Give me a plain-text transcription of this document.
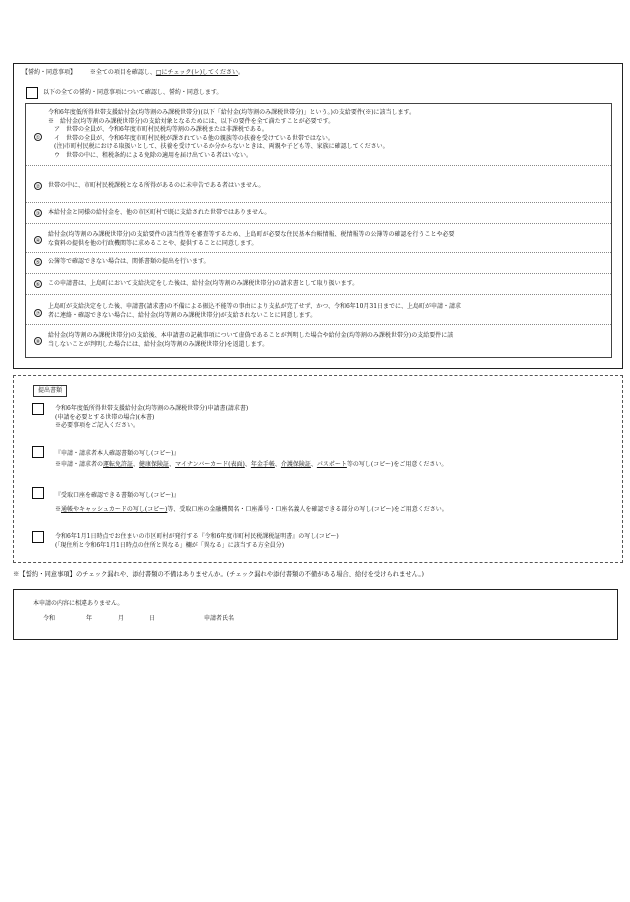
【誓約・同意事項】 ※全ての項目を確認し、□にチェック(レ)してください。
以下の全ての誓約・同意事項について確認し、誓約・同意します。
①
令和6年度低所得世帯支援給付金(均等割のみ課税世帯分)(以下「給付金(均等割のみ課税世帯分)」という。)の支給要件(※)に該当します。
※　給付金(均等割のみ課税世帯分)の支給対象となるためには、以下の要件を全て満たすことが必要です。
　ア　世帯の全員が、令和6年度市町村民税均等割のみ課税または非課税である。
　イ　世帯の全員が、令和6年度市町村民税が課されている他の親族等の扶養を受けている世帯ではない。
　(注)市町村民税における取扱いとして、扶養を受けているか分からないときは、両親や子ども等、家族に確認してください。
　ウ　世帯の中に、租税条約による免除の適用を届け出ている者はいない。
② 世帯の中に、市町村民税課税となる所得があるのに未申告である者はいません。
③ 本給付金と同様の給付金を、他の市区町村で既に支給された世帯ではありません。
④
給付金(均等割のみ課税世帯分)の支給要件の該当性等を審査等するため、上島町が必要な住民基本台帳情報、税情報等の公簿等の確認を行うことや必要
な資料の提供を他の行政機関等に求めることや、提供することに同意します。
⑤ 公簿等で確認できない場合は、関係書類の提出を行います。
⑥ この申請書は、上島町において支給決定をした後は、給付金(均等割のみ課税世帯分)の請求書として取り扱います。
⑦
上島町が支給決定をした後、申請書(請求書)の不備による振込不能等の事由により支払が完了せず、かつ、令和6年10月31日までに、上島町が申請・請求
者に連絡・確認できない場合に、給付金(均等割のみ課税世帯分)が支給されないことに同意します。
⑧
給付金(均等割のみ課税世帯分)の支給後、本申請書の記載事項について虚偽であることが判明した場合や給付金(均等割のみ課税世帯分)の支給要件に該
当しないことが判明した場合には、給付金(均等割のみ課税世帯分)を返還します。
提出書類
令和6年度低所得世帯支援給付金(均等割のみ課税世帯分)申請書(請求書)
(申請を必要とする世帯の場合)(本書)
※必要事項をご記入ください。
『申請・請求者本人確認書類の写し(コピー)』
※申請・請求者の運転免許証、健康保険証、マイナンバーカード(表面)、年金手帳、介護保険証、パスポート等の写し(コピー)をご用意ください。
『受取口座を確認できる書類の写し(コピー)』
※通帳やキャッシュカードの写し(コピー)等、受取口座の金融機関名・口座番号・口座名義人を確認できる部分の写し(コピー)をご用意ください。
令和6年1月1日時点でお住まいの市区町村が発行する『令和6年度市町村民税課税証明書』の写し(コピー)
(「現住所と令和6年1月1日時点の住所と異なる」欄が「異なる」に該当する方全員分)
※【誓約・同意事項】のチェック漏れや、添付書類の不備はありませんか。(チェック漏れや添付書類の不備がある場合、給付を受けられません。)
本申請の内容に相違ありません。
令和	年	月	日	申請者氏名
